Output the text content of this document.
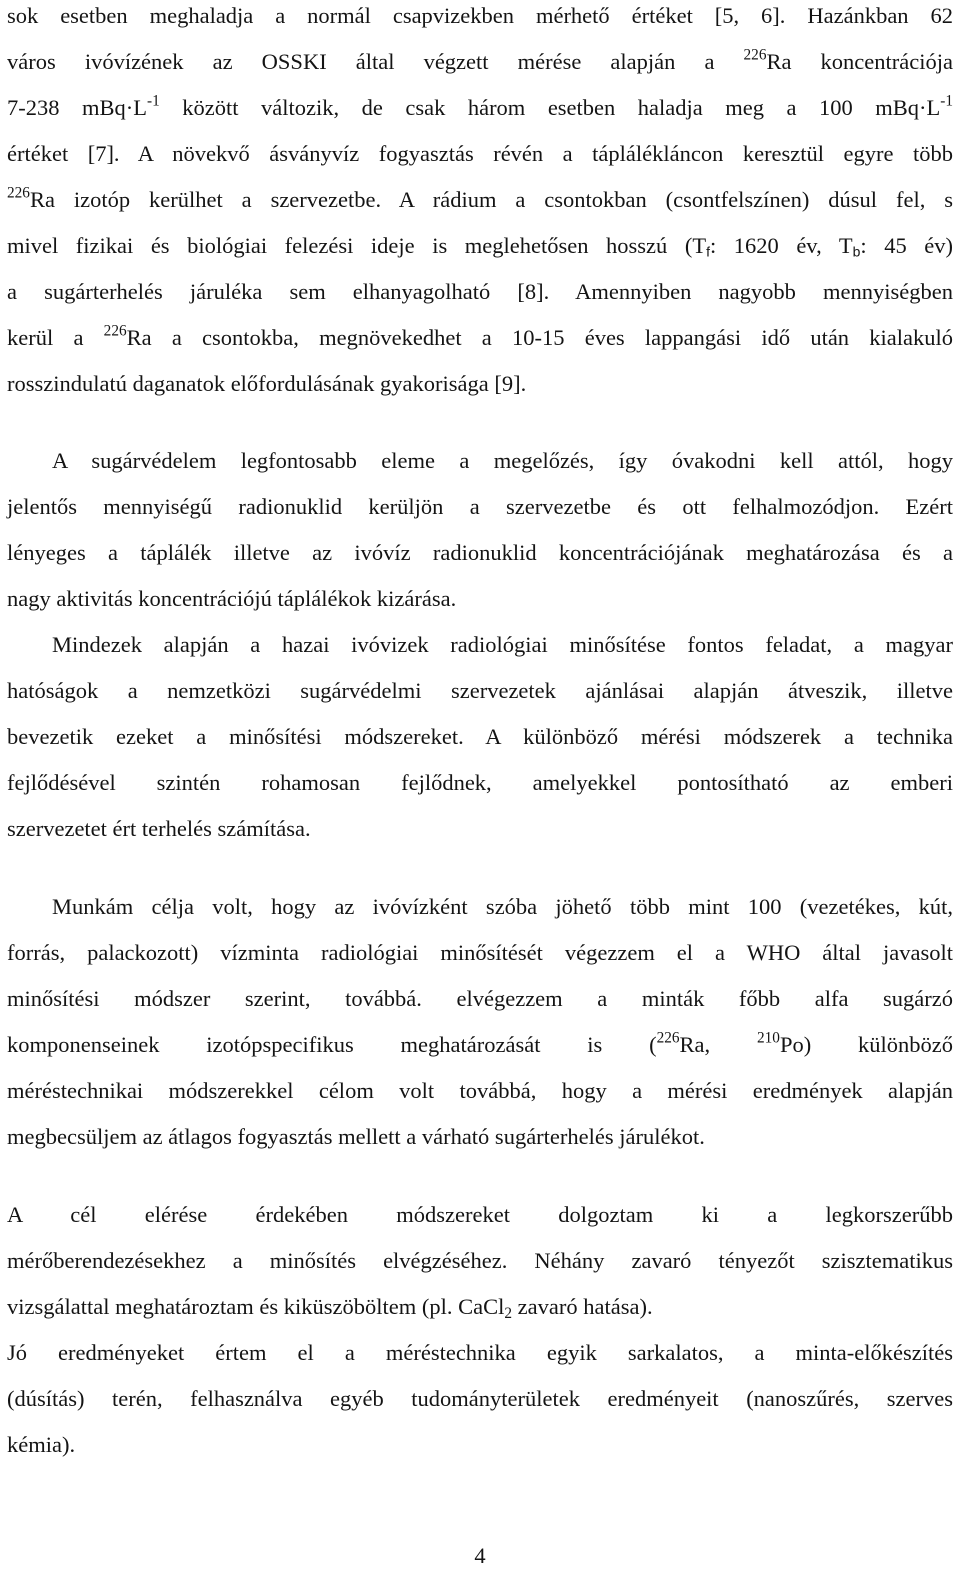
sok esetben meghaladja a normál csapvizekben mérhető értéket [5, 6]. Hazánkban 62
város ivóvízének az OSSKI által végzett mérése alapján a $^{226}$Ra koncentrációja
7-238 $mBq\cdot L^{-1}$ között változik, de csak három esetben haladja meg a 100 $mBq\cdot L^{-1}$
értéket [7]. A növekvő ásványvíz fogyasztás révén a táplálékláncon keresztül egyre több
$^{226}$Ra izotóp kerülhet a szervezetbe. A rádium a csontokban (csontfelszínen) dúsul fel, s
mivel fizikai és biológiai felezési ideje is meglehetősen hosszú ($T_f$: 1620 év, $T_b$: 45 év)
a sugárterhelés járuléka sem elhanyagolható [8]. Amennyiben nagyobb mennyiségben
kerül a $^{226}$Ra a csontokba, megnövekedhet a 10-15 éves lappangási idő után kialakuló
rosszindulatú daganatok előfordulásának gyakorisága [9].
A sugárvédelem legfontosabb eleme a megelőzés, így óvakodni kell attól, hogy
jelentős mennyiségű radionuklid kerüljön a szervezetbe és ott felhalmozódjon. Ezért
lényeges a táplálék illetve az ivóvíz radionuklid koncentrációjának meghatározása és a
nagy aktivitás koncentrációjú táplálékok kizárása.
Mindezek alapján a hazai ivóvizek radiológiai minősítése fontos feladat, a magyar
hatóságok a nemzetközi sugárvédelmi szervezetek ajánlásai alapján átveszik, illetve
bevezetik ezeket a minősítési módszereket. A különböző mérési módszerek a technika
fejlődésével szintén rohamosan fejlődnek, amelyekkel pontosítható az emberi
szervezetet ért terhelés számítása.
Munkám célja volt, hogy az ivóvízként szóba jöhető több mint 100 (vezetékes, kút,
forrás, palackozott) vízminta radiológiai minősítését végezzem el a WHO által javasolt
minősítési módszer szerint, továbbá. elvégezzem a minták főbb alfa sugárzó
komponenseinek izotópspecifikus meghatározását is ($^{226}$Ra, $^{210}$Po) különböző
méréstechnikai módszerekkel célom volt továbbá, hogy a mérési eredmények alapján
megbecsüljem az átlagos fogyasztás mellett a várható sugárterhelés járulékot.
A cél elérése érdekében módszereket dolgoztam ki a legkorszerűbb
mérőberendezésekhez a minősítés elvégzéséhez. Néhány zavaró tényezőt szisztematikus
vizsgálattal meghatároztam és kiküszöböltem (pl. CaCl$_2$ zavaró hatása).
Jó eredményeket értem el a méréstechnika egyik sarkalatos, a minta-előkészítés
(dúsítás) terén, felhasználva egyéb tudományterületek eredményeit (nanoszűrés, szerves
kémia).
4
